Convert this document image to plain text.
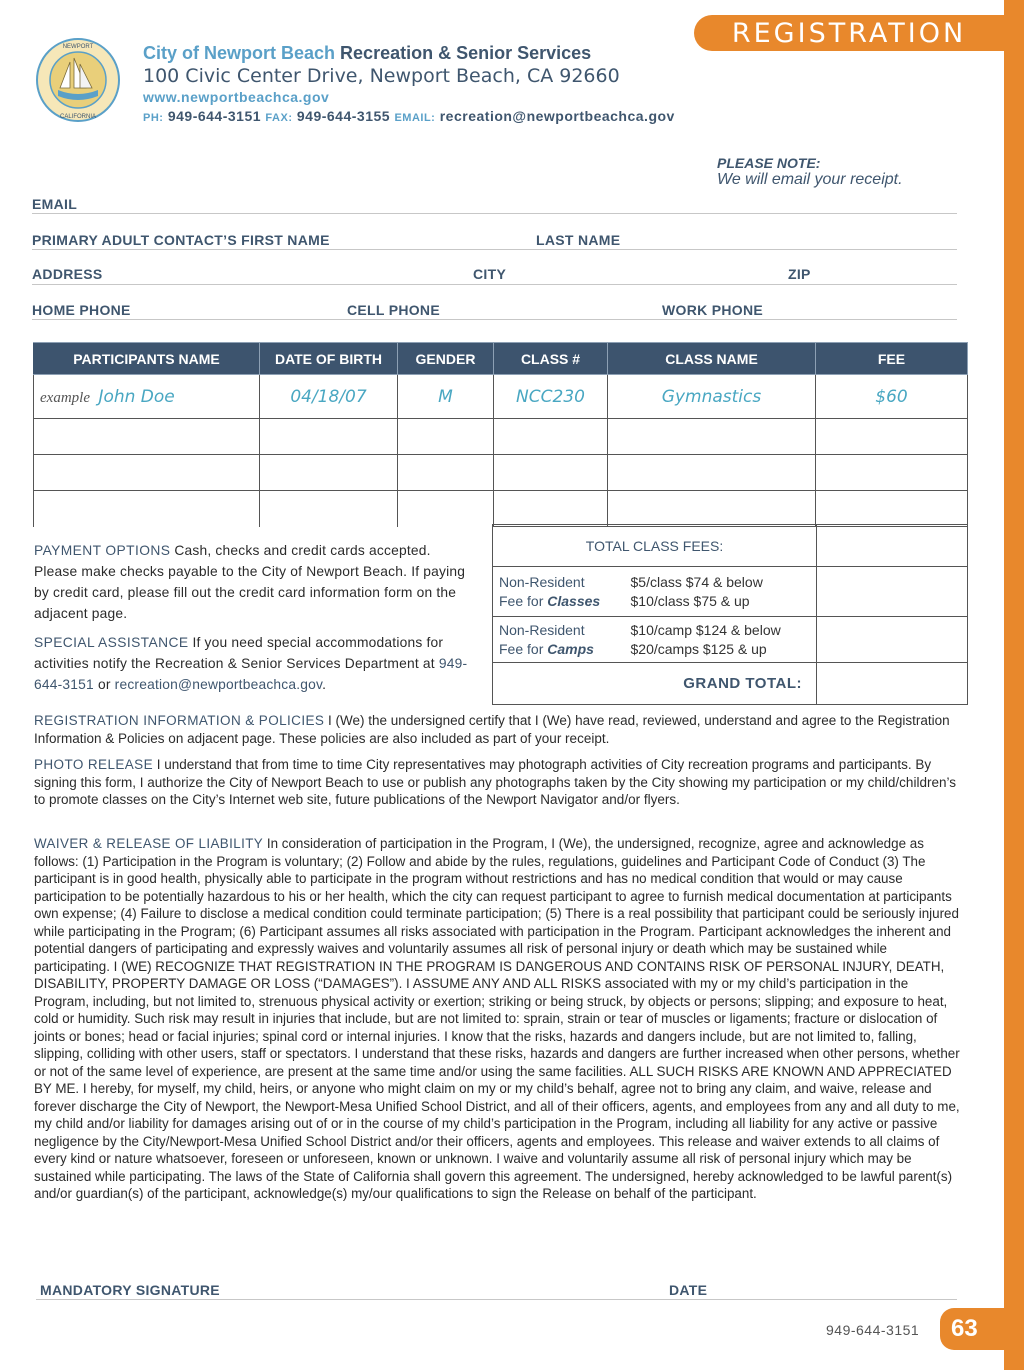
REGISTRATION
NEWPORT
CALIFORNIA
City of Newport Beach Recreation & Senior Services
100 Civic Center Drive, Newport Beach, CA 92660
www.newportbeachca.gov
PH: 949-644-3151 FAX: 949-644-3155 EMAIL: recreation@newportbeachca.gov
PLEASE NOTE:
We will email your receipt.
EMAIL
PRIMARY ADULT CONTACT’S FIRST NAME	LAST NAME
ADDRESS	CITY	ZIP
HOME PHONE	CELL PHONE	WORK PHONE
PARTICIPANTS NAME	DATE OF BIRTH	GENDER	CLASS #	CLASS NAME	FEE
example John Doe	04/18/07	M	NCC230	Gymnastics	$60

TOTAL CLASS FEES:		
Non-Resident
Fee for Classes	$5/class $74 & below
$10/class $75 & up	
Non-Resident
Fee for Camps	$10/camp $124 & below
$20/camps $125 & up	
GRAND TOTAL:		
PAYMENT OPTIONS Cash, checks and credit cards accepted. Please make checks payable to the City of Newport Beach. If paying by credit card, please fill out the credit card information form on the adjacent page.
SPECIAL ASSISTANCE If you need special accommodations for activities notify the Recreation & Senior Services Department at 949-644-3151 or recreation@newportbeachca.gov.
REGISTRATION INFORMATION & POLICIES I (We) the undersigned certify that I (We) have read, reviewed, understand and agree to the Registration Information & Policies on adjacent page. These policies are also included as part of your receipt.
PHOTO RELEASE I understand that from time to time City representatives may photograph activities of City recreation programs and participants. By signing this form, I authorize the City of Newport Beach to use or publish any photographs taken by the City showing my participation or my child/children’s to promote classes on the City’s Internet web site, future publications of the Newport Navigator and/or flyers.
WAIVER & RELEASE OF LIABILITY In consideration of participation in the Program, I (We), the undersigned, recognize, agree and acknowledge as follows: (1) Participation in the Program is voluntary; (2) Follow and abide by the rules, regulations, guidelines and Participant Code of Conduct (3) The participant is in good health, physically able to participate in the program without restrictions and has no medical condition that would or may cause participation to be potentially hazardous to his or her health, which the city can request participant to agree to furnish medical documentation at participants own expense; (4) Failure to disclose a medical condition could terminate participation; (5) There is a real possibility that participant could be seriously injured while participating in the Program; (6) Participant assumes all risks associated with participation in the Program. Participant acknowledges the inherent and potential dangers of participating and expressly waives and voluntarily assumes all risk of personal injury or death which may be sustained while participating. I (WE) RECOGNIZE THAT REGISTRATION IN THE PROGRAM IS DANGEROUS AND CONTAINS RISK OF PERSONAL INJURY, DEATH, DISABILITY, PROPERTY DAMAGE OR LOSS (“DAMAGES”). I ASSUME ANY AND ALL RISKS associated with my or my child’s participation in the Program, including, but not limited to, strenuous physical activity or exertion; striking or being struck, by objects or persons; slipping; and exposure to heat, cold or humidity. Such risk may result in injuries that include, but are not limited to: sprain, strain or tear of muscles or ligaments; fracture or dislocation of joints or bones; head or facial injuries; spinal cord or internal injuries. I know that the risks, hazards and dangers include, but are not limited to, falling, slipping, colliding with other users, staff or spectators. I understand that these risks, hazards and dangers are further increased when other persons, whether or not of the same level of experience, are present at the same time and/or using the same facilities. ALL SUCH RISKS ARE KNOWN AND APPRECIATED BY ME. I hereby, for myself, my child, heirs, or anyone who might claim on my or my child’s behalf, agree not to bring any claim, and waive, release and forever discharge the City of Newport, the Newport-Mesa Unified School District, and all of their officers, agents, and employees from any and all duty to me, my child and/or liability for damages arising out of or in the course of my child’s participation in the Program, including all liability for any active or passive negligence by the City/Newport-Mesa Unified School District and/or their officers, agents and employees. This release and waiver extends to all claims of every kind or nature whatsoever, foreseen or unforeseen, known or unknown. I waive and voluntarily assume all risk of personal injury which may be sustained while participating. The laws of the State of California shall govern this agreement. The undersigned, hereby acknowledged to be lawful parent(s) and/or guardian(s) of the participant, acknowledge(s) my/our qualifications to sign the Release on behalf of the participant.
MANDATORY SIGNATURE	DATE
949-644-3151	63
